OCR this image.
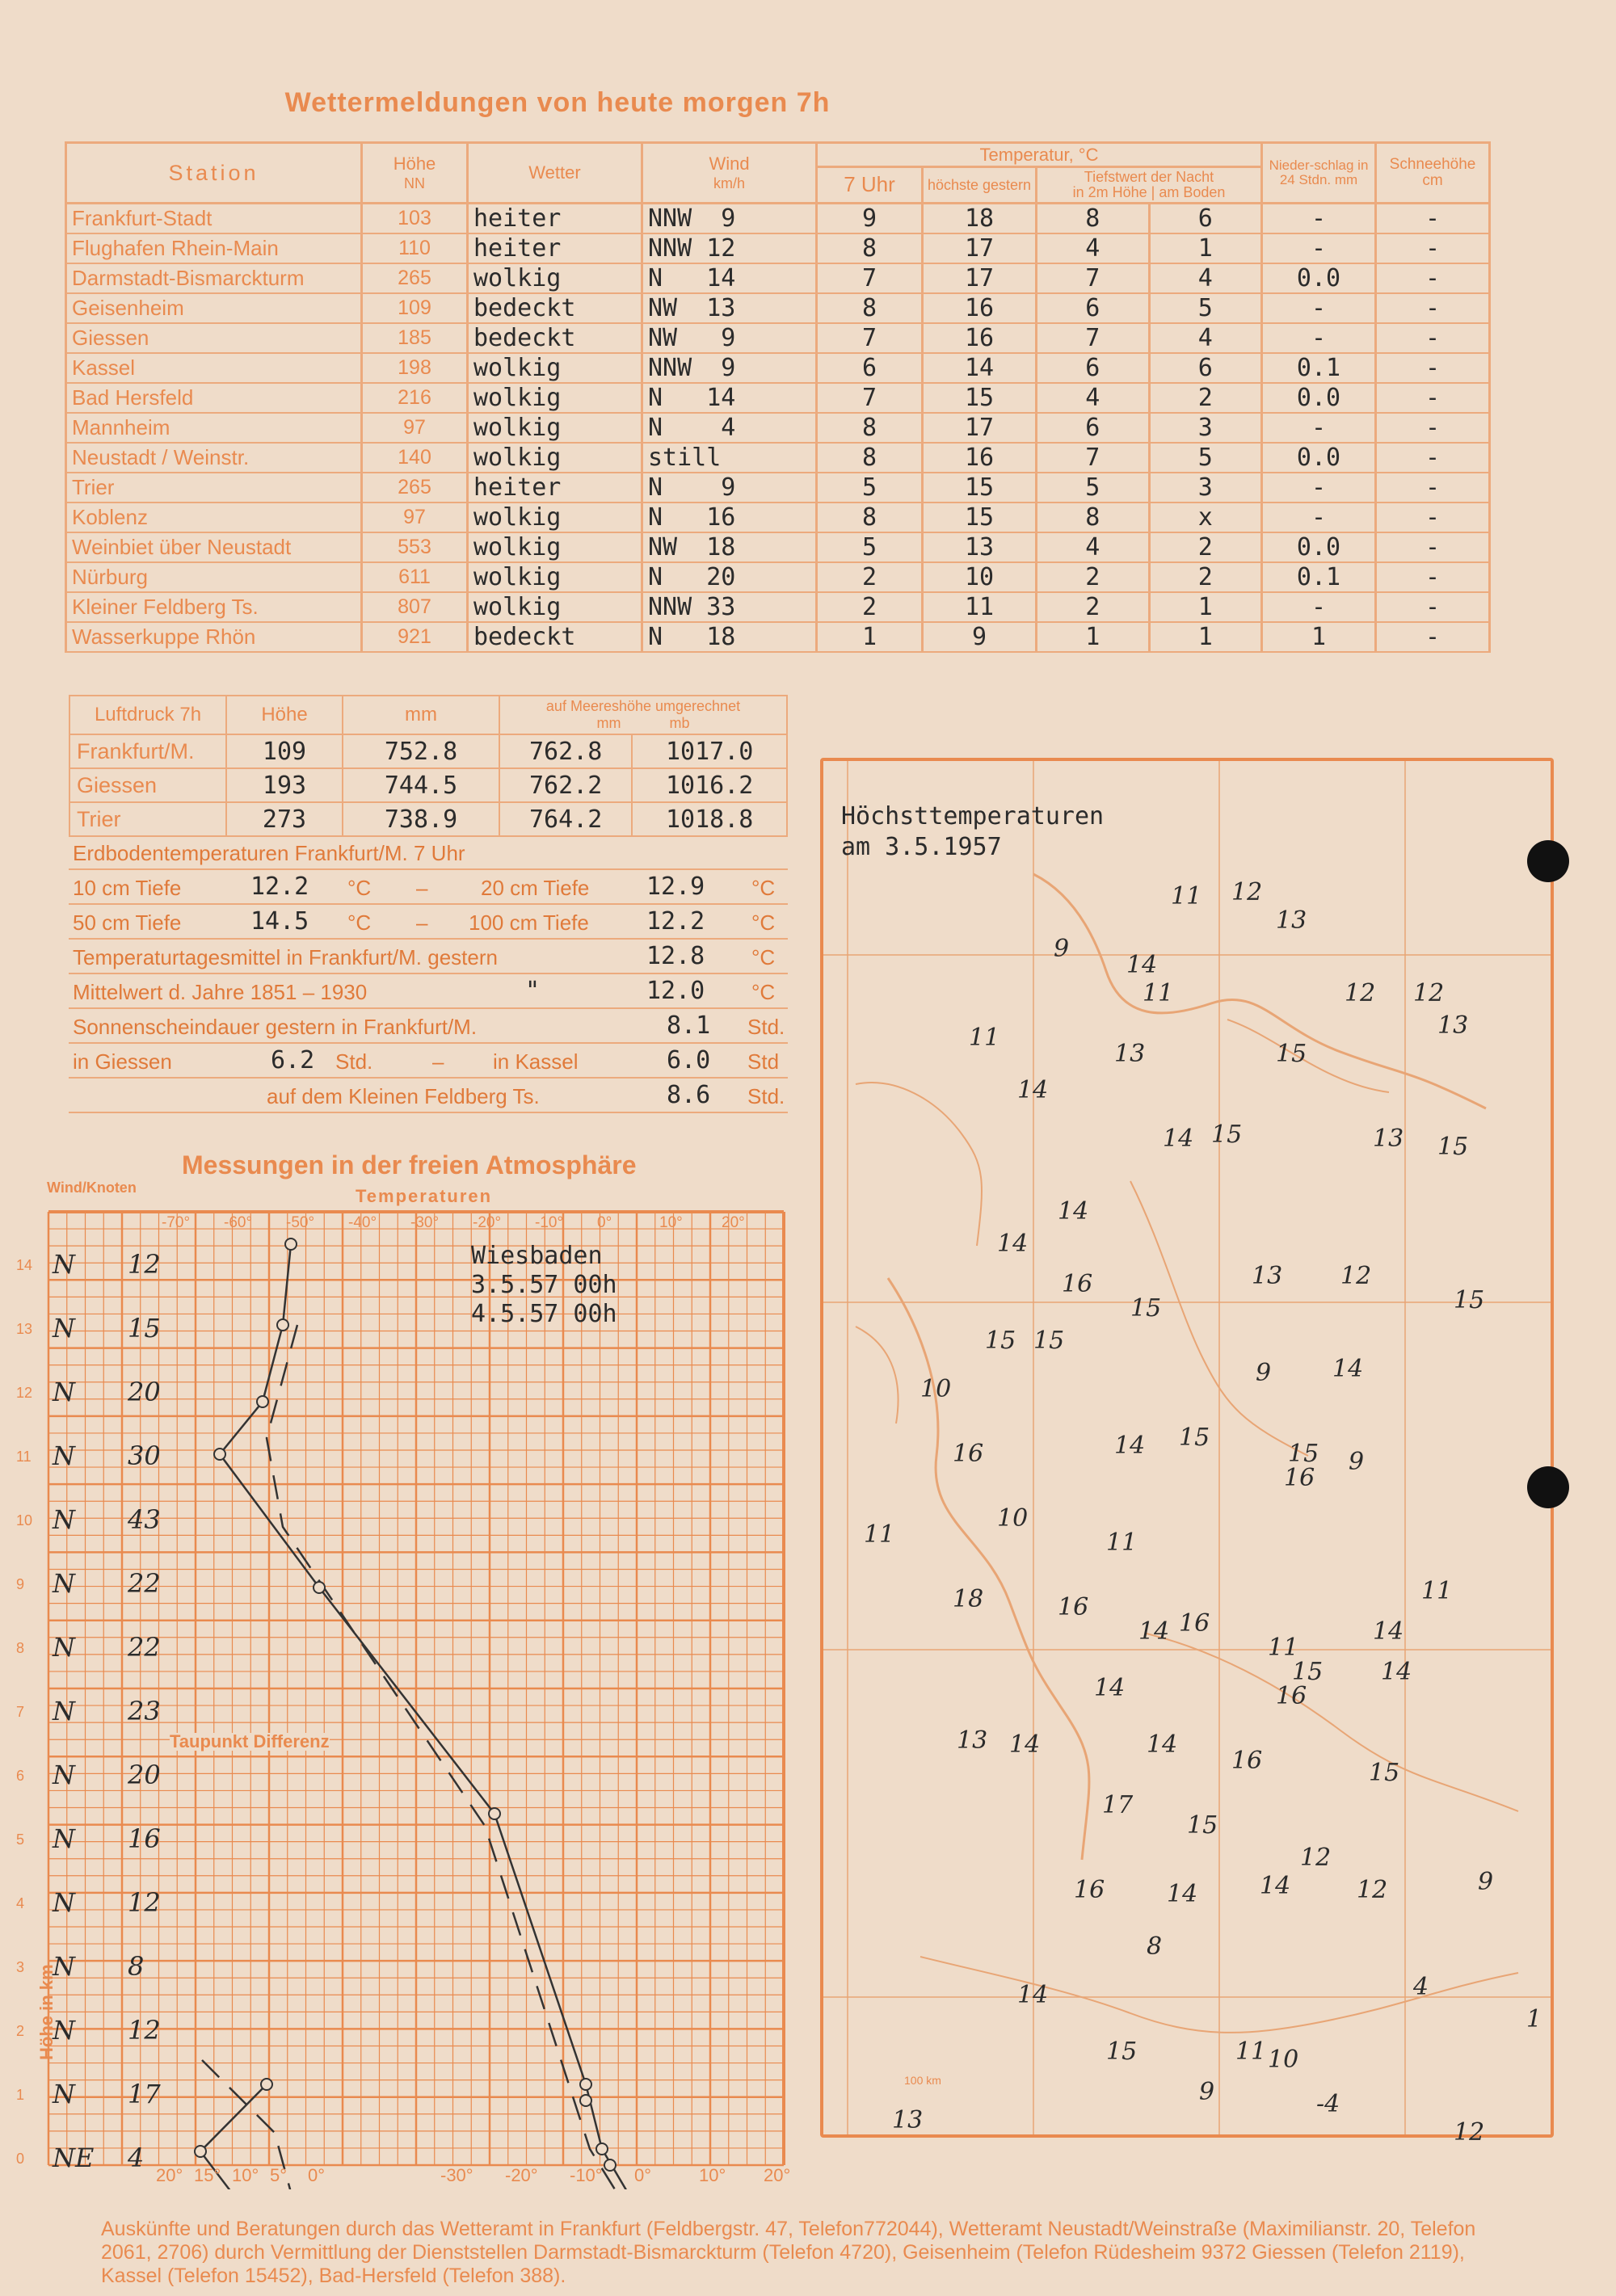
Wettermeldungen von heute morgen 7h
Station	Höhe
NN	Wetter	Wind
km/h	Temperatur, °C				Nieder-schlag in 24 Stdn. mm	Schneehöhe cm
				7 Uhr	höchste gestern	Tiefstwert der Nacht
in 2m Höhe | am Boden			
Frankfurt-Stadt	103	heiter	NNW  9	9	18	8	6	-	-
Flughafen Rhein-Main	110	heiter	NNW 12	8	17	4	1	-	-
Darmstadt-Bismarckturm	265	wolkig	N   14	7	17	7	4	0.0	-
Geisenheim	109	bedeckt	NW  13	8	16	6	5	-	-
Giessen	185	bedeckt	NW   9	7	16	7	4	-	-
Kassel	198	wolkig	NNW  9	6	14	6	6	0.1	-
Bad Hersfeld	216	wolkig	N   14	7	15	4	2	0.0	-
Mannheim	97	wolkig	N    4	8	17	6	3	-	-
Neustadt / Weinstr.	140	wolkig	still	8	16	7	5	0.0	-
Trier	265	heiter	N    9	5	15	5	3	-	-
Koblenz	97	wolkig	N   16	8	15	8	x	-	-
Weinbiet über Neustadt	553	wolkig	NW  18	5	13	4	2	0.0	-
Nürburg	611	wolkig	N   20	2	10	2	2	0.1	-
Kleiner Feldberg Ts.	807	wolkig	NNW 33	2	11	2	1	-	-
Wasserkuppe Rhön	921	bedeckt	N   18	1	9	1	1	1	-
Luftdruck 7h	Höhe	mm	auf Meereshöhe umgerechnet
mm mb	
Frankfurt/M.	109	752.8	762.8	1017.0
Giessen	193	744.5	762.2	1016.2
Trier	273	738.9	764.2	1018.8
Erdbodentemperaturen Frankfurt/M. 7 Uhr
10 cm Tiefe	12.2 °C –	20 cm Tiefe 12.9 °C
50 cm Tiefe	14.5 °C – 100 cm Tiefe 12.2 °C
Temperaturtagesmittel in Frankfurt/M. gestern	12.8 °C
Mittelwert d. Jahre 1851 – 1930	"	12.0 °C
Sonnenscheindauer gestern in Frankfurt/M.	8.1 Std.
in Giessen	6.2 Std.	– in Kassel	6.0 Std
auf dem Kleinen Feldberg Ts.	8.6 Std.
Messungen in der freien Atmosphäre
Wind/Knoten	Temperaturen
-70° -60° -50° -40° -30° -20° -10° 0°	10°	20°
20° 15° 10° 5° 0°	-30° -20° -10° 0°	10° 20°
0
1
2
3
4
5
6
7
8
9
10
11
12
13
14
NE 4
N 17
N 12
N 8
N 12
N 16
N 20
N 23
N 22
N 22
N 43
N 30
N 20
N 15
N 12	Wiesbaden
3.5.57 00h
4.5.57 00h
Taupunkt Differenz
Höhe in km
Höchsttemperaturen
am 3.5.1957
100 km
11 12
13
9
11	12 12
13
11
13
14
14
15
14 15	13 15
14
14
13 12
15
16
15
15
10
15
14
9
16	14 15
15
11
16
9
10
11
18	16
14 16	14
11
11
16
15 14
14
14
16
14
15
17
15
12
16	14	14	12	9
8
4
14
15	11 10
9	-4
1
13	12
13
Auskünfte und Beratungen durch das Wetteramt in Frankfurt (Feldbergstr. 47, Telefon772044), Wetteramt Neustadt/Weinstraße (Maximilianstr. 20, Telefon 2061, 2706) durch Vermittlung der Dienststellen Darmstadt-Bismarckturm (Telefon 4720), Geisenheim (Telefon Rüdesheim 9372 Giessen (Telefon 2119), Kassel (Telefon 15452), Bad-Hersfeld (Telefon 388).
